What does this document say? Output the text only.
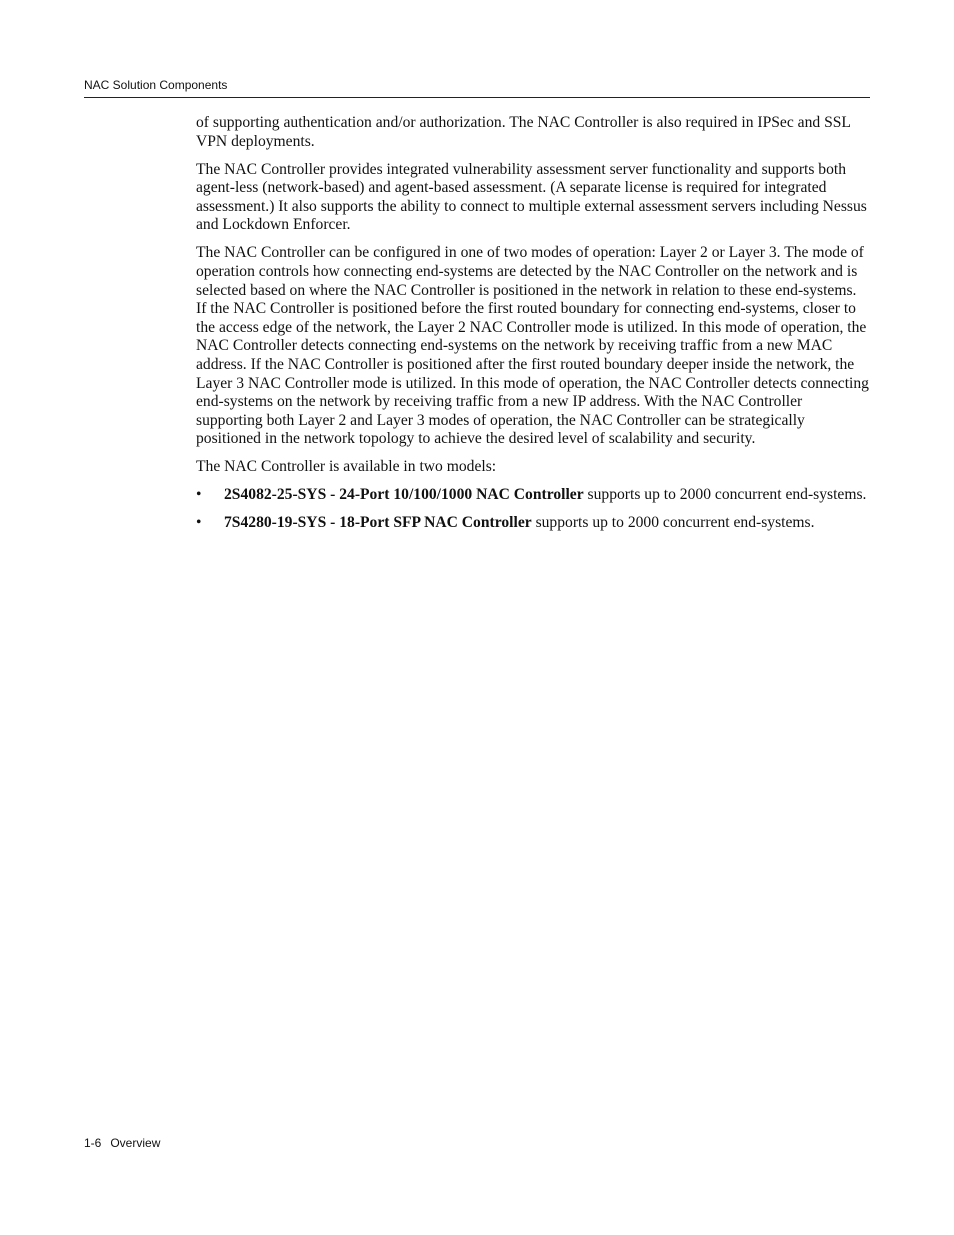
NAC Solution Components

of supporting authentication and/or authorization. The NAC Controller is also required in IPSec and SSL VPN deployments.

The NAC Controller provides integrated vulnerability assessment server functionality and supports both agent-less (network-based) and agent-based assessment. (A separate license is required for integrated assessment.) It also supports the ability to connect to multiple external assessment servers including Nessus and Lockdown Enforcer.

The NAC Controller can be configured in one of two modes of operation: Layer 2 or Layer 3. The mode of operation controls how connecting end-systems are detected by the NAC Controller on the network and is selected based on where the NAC Controller is positioned in the network in relation to these end-systems. If the NAC Controller is positioned before the first routed boundary for connecting end-systems, closer to the access edge of the network, the Layer 2 NAC Controller mode is utilized. In this mode of operation, the NAC Controller detects connecting end-systems on the network by receiving traffic from a new MAC address. If the NAC Controller is positioned after the first routed boundary deeper inside the network, the Layer 3 NAC Controller mode is utilized. In this mode of operation, the NAC Controller detects connecting end-systems on the network by receiving traffic from a new IP address. With the NAC Controller supporting both Layer 2 and Layer 3 modes of operation, the NAC Controller can be strategically positioned in the network topology to achieve the desired level of scalability and security.

The NAC Controller is available in two models:

• 2S4082-25-SYS - 24-Port 10/100/1000 NAC Controller supports up to 2000 concurrent end-systems.
• 7S4280-19-SYS - 18-Port SFP NAC Controller supports up to 2000 concurrent end-systems.
1-6 Overview
